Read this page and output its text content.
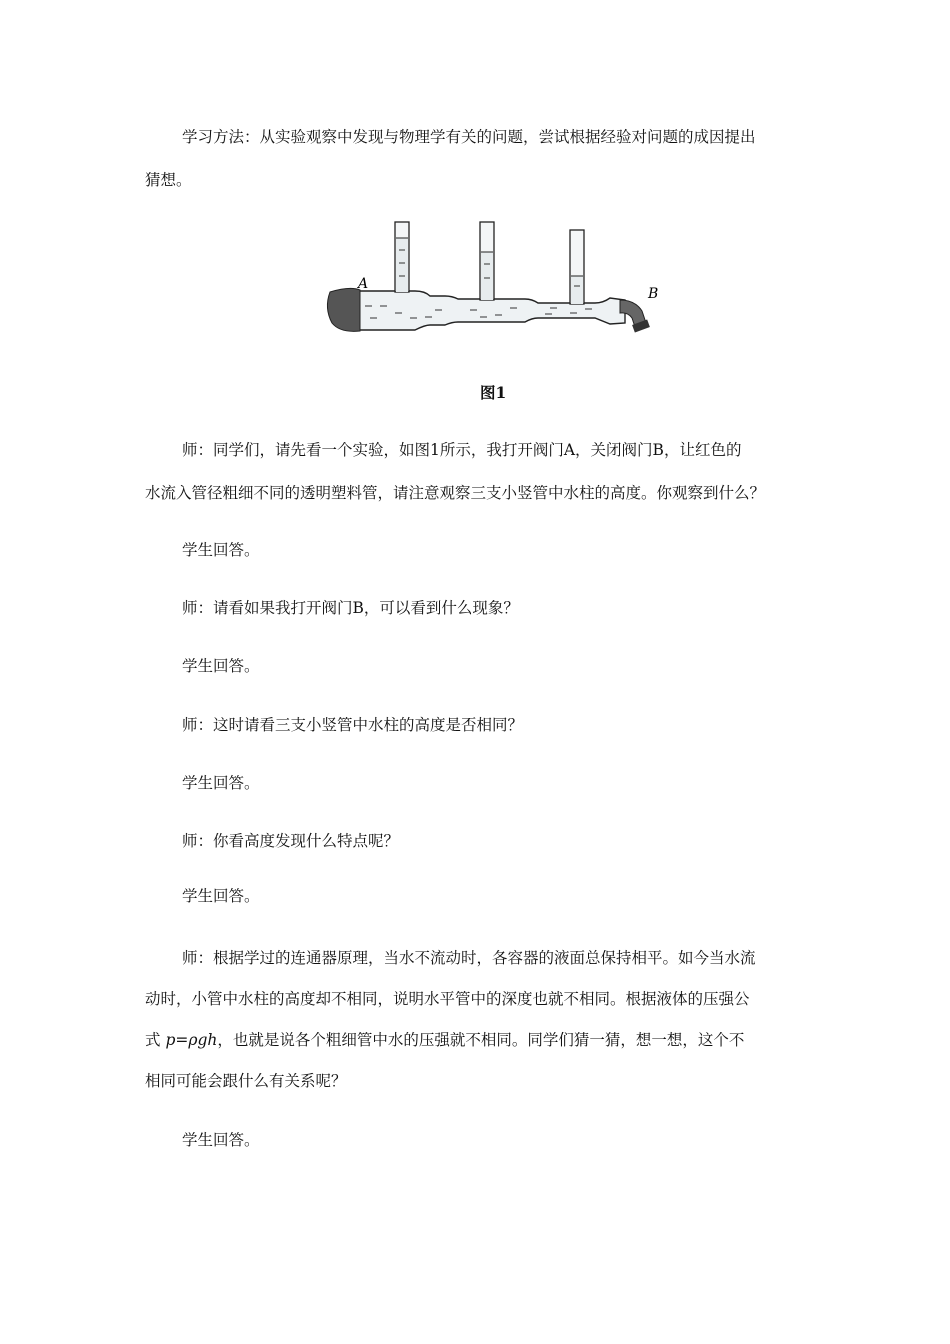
学习方法：从实验观察中发现与物理学有关的问题，尝试根据经验对问题的成因提出
猜想。
A
B
图1
师：同学们，请先看一个实验，如图1所示，我打开阀门A，关闭阀门B，让红色的
水流入管径粗细不同的透明塑料管，请注意观察三支小竖管中水柱的高度。你观察到什么？
学生回答。
师：请看如果我打开阀门B，可以看到什么现象？
学生回答。
师：这时请看三支小竖管中水柱的高度是否相同？
学生回答。
师：你看高度发现什么特点呢？
学生回答。
师：根据学过的连通器原理，当水不流动时，各容器的液面总保持相平。如今当水流
动时，小管中水柱的高度却不相同，说明水平管中的深度也就不相同。根据液体的压强公
式 p=ρgh，也就是说各个粗细管中水的压强就不相同。同学们猜一猜，想一想，这个不
相同可能会跟什么有关系呢？
学生回答。
